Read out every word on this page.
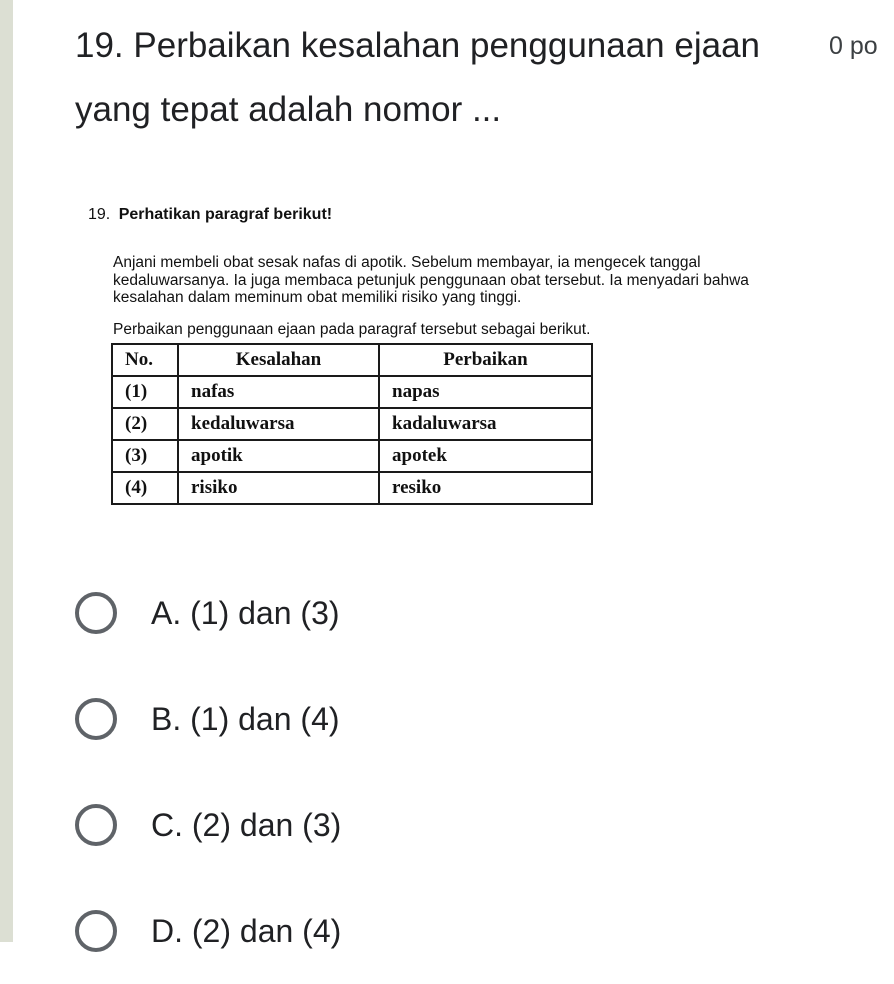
19. Perbaikan kesalahan penggunaan ejaan yang tepat adalah nomor ...
0 po
19. Perhatikan paragraf berikut!

Anjani membeli obat sesak nafas di apotik. Sebelum membayar, ia mengecek tanggal

kedaluwarsanya. Ia juga membaca petunjuk penggunaan obat tersebut. Ia menyadari bahwa

kesalahan dalam meminum obat memiliki risiko yang tinggi.

Perbaikan penggunaan ejaan pada paragraf tersebut sebagai berikut.
No.	Kesalahan	Perbaikan
(1)	nafas	napas
(2)	kedaluwarsa	kadaluwarsa
(3)	apotik	apotek
(4)	risiko	resiko
A. (1) dan (3)
B. (1) dan (4)
C. (2) dan (3)
D. (2) dan (4)
